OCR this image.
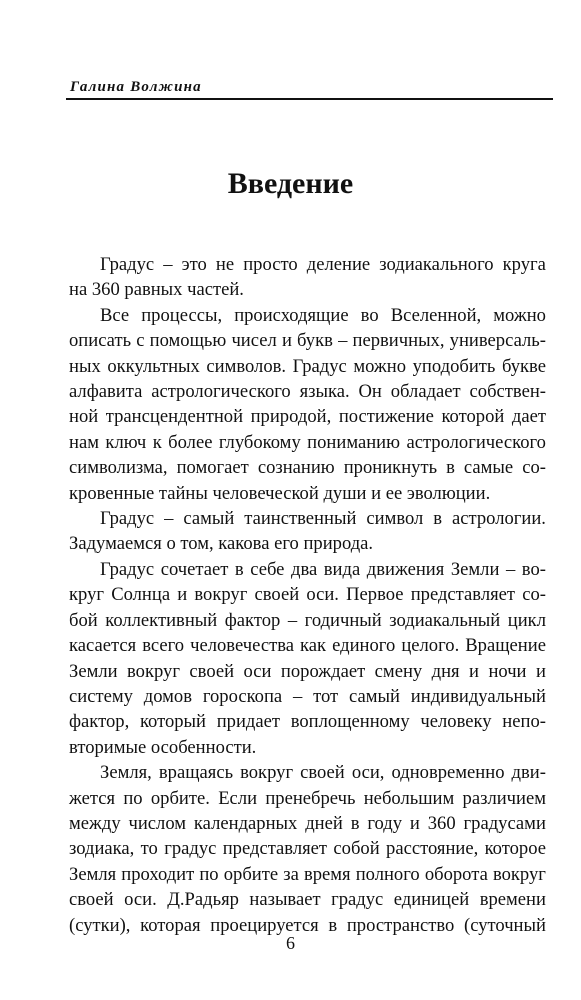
Галина Волжина
Введение

Градус – это не просто деление зодиакального круга
на 360 равных частей.

Все процессы, происходящие во Вселенной, можно
описать с помощью чисел и букв – первичных, универсаль-
ных оккультных символов. Градус можно уподобить букве
алфавита астрологического языка. Он обладает собствен-
ной трансцендентной природой, постижение которой дает
нам ключ к более глубокому пониманию астрологического
символизма, помогает сознанию проникнуть в самые со-
кровенные тайны человеческой души и ее эволюции.

Градус – самый таинственный символ в астрологии.
Задумаемся о том, какова его природа.

Градус сочетает в себе два вида движения Земли – во-
круг Солнца и вокруг своей оси. Первое представляет со-
бой коллективный фактор – годичный зодиакальный цикл
касается всего человечества как единого целого. Вращение
Земли вокруг своей оси порождает смену дня и ночи и
систему домов гороскопа – тот самый индивидуальный
фактор, который придает воплощенному человеку непо-
вторимые особенности.

Земля, вращаясь вокруг своей оси, одновременно дви-
жется по орбите. Если пренебречь небольшим различием
между числом календарных дней в году и 360 градусами
зодиака, то градус представляет собой расстояние, которое
Земля проходит по орбите за время полного оборота вокруг
своей оси. Д.Радьяр называет градус единицей времени
(сутки), которая проецируется в пространство (суточный

6
